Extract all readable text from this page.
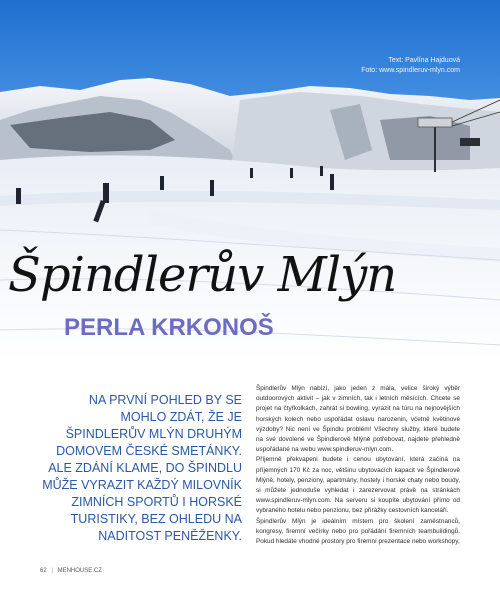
Text: Pavlína Hajduová
Foto: www.spindleruv-mlyn.com
Špindlerův Mlýn
PERLA KRKONOŠ
NA PRVNÍ POHLED BY SE MOHLO ZDÁT, ŽE JE ŠPINDLERŮV MLÝN DRUHÝM DOMOVEM ČESKÉ SMETÁNKY. ALE ZDÁNÍ KLAME, DO ŠPINDLU MŮŽE VYRAZIT KAŽDÝ MILOVNÍK ZIMNÍCH SPORTŮ I HORSKÉ TURISTIKY, BEZ OHLEDU NA NADITOST PENĚŽENKY.

Špindlerův Mlýn nabízí, jako jeden z mála, velice široký výběr outdoorových aktivit – jak v zimních, tak i letních měsících. Chcete se projet na čtyřkolkách, zahrát si bowling, vyrazit na túru na nejnovějších horských kolech nebo uspořádat oslavu narozenin, včetně květinové výzdoby? Nic není ve Špindlu problém! Všechny služby, které budete na své dovolené ve Špindlerově Mlýně potřebovat, najdete přehledně uspořádané na webu www.spindleruv-mlyn.com.

Příjemně překvapeni budete i cenou ubytování, která začíná na příjemných 170 Kč za noc, většinu ubytovacích kapacit ve Špindlerově Mlýně, hotely, penziony, apartmány, hostely i horské chaty nebo boudy, si můžete jednoduše vyhledat i zarezervovat právě na stránkách www.spindleruv-mlyn.com. Na serveru si koupíte ubytování přímo od vybraného hotelu nebo penzionu, bez přirážky cestovních kanceláří.

Špindlerův Mlýn je ideálním místem pro školení zaměstnanců, kongresy, firemní večírky nebo pro pořádání firemních teambuildingů. Pokud hledáte vhodné prostory pro firemní prezentace nebo workshopy,

62 | MENHOUSE.CZ
